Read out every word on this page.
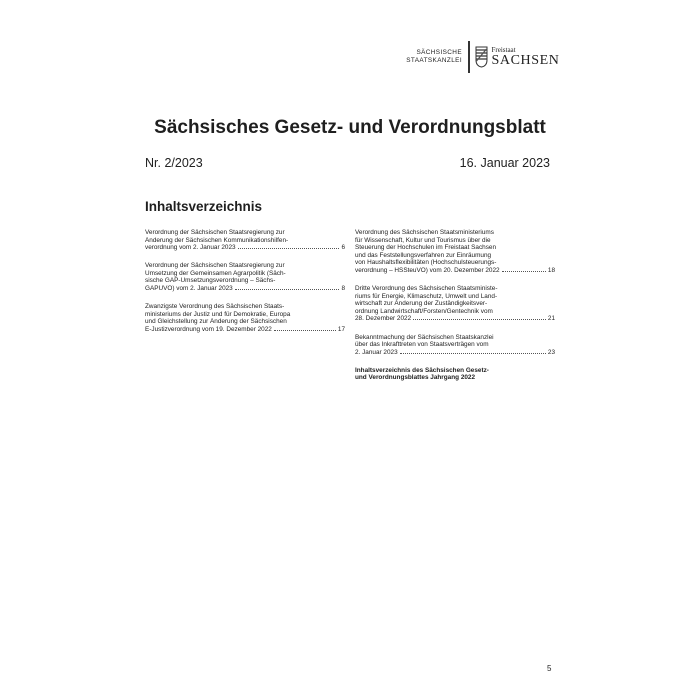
SÄCHSISCHE
STAATSKANZLEI
Freistaat
SACHSEN
Sächsisches Gesetz- und Verordnungsblatt
Nr. 2/2023	16. Januar 2023
Inhaltsverzeichnis
Verordnung der Sächsischen Staatsregierung zur
Änderung der Sächsischen Kommunikationshilfen-
verordnung vom 2. Januar 2023	6
Verordnung der Sächsischen Staatsregierung zur
Umsetzung der Gemeinsamen Agrarpolitik (Säch-
sische GAP-Umsetzungsverordnung – Sächs-
GAPUVO) vom 2. Januar 2023	8
Zwanzigste Verordnung des Sächsischen Staats-
ministeriums der Justiz und für Demokratie, Europa
und Gleichstellung zur Änderung der Sächsischen
E-Justizverordnung vom 19. Dezember 2022	17
Verordnung des Sächsischen Staatsministeriums
für Wissenschaft, Kultur und Tourismus über die
Steuerung der Hochschulen im Freistaat Sachsen
und das Feststellungsverfahren zur Einräumung
von Haushaltsflexibilitäten (Hochschulsteuerungs-
verordnung – HSSteuVO) vom 20. Dezember 2022	18
Dritte Verordnung des Sächsischen Staatsministe-
riums für Energie, Klimaschutz, Umwelt und Land-
wirtschaft zur Änderung der Zuständigkeitsver-
ordnung Landwirtschaft/Forsten/Gentechnik vom
28. Dezember 2022	21
Bekanntmachung der Sächsischen Staatskanzlei
über das Inkrafttreten von Staatsverträgen vom
2. Januar 2023	23
Inhaltsverzeichnis des Sächsischen Gesetz-
und Verordnungsblattes Jahrgang 2022
5
